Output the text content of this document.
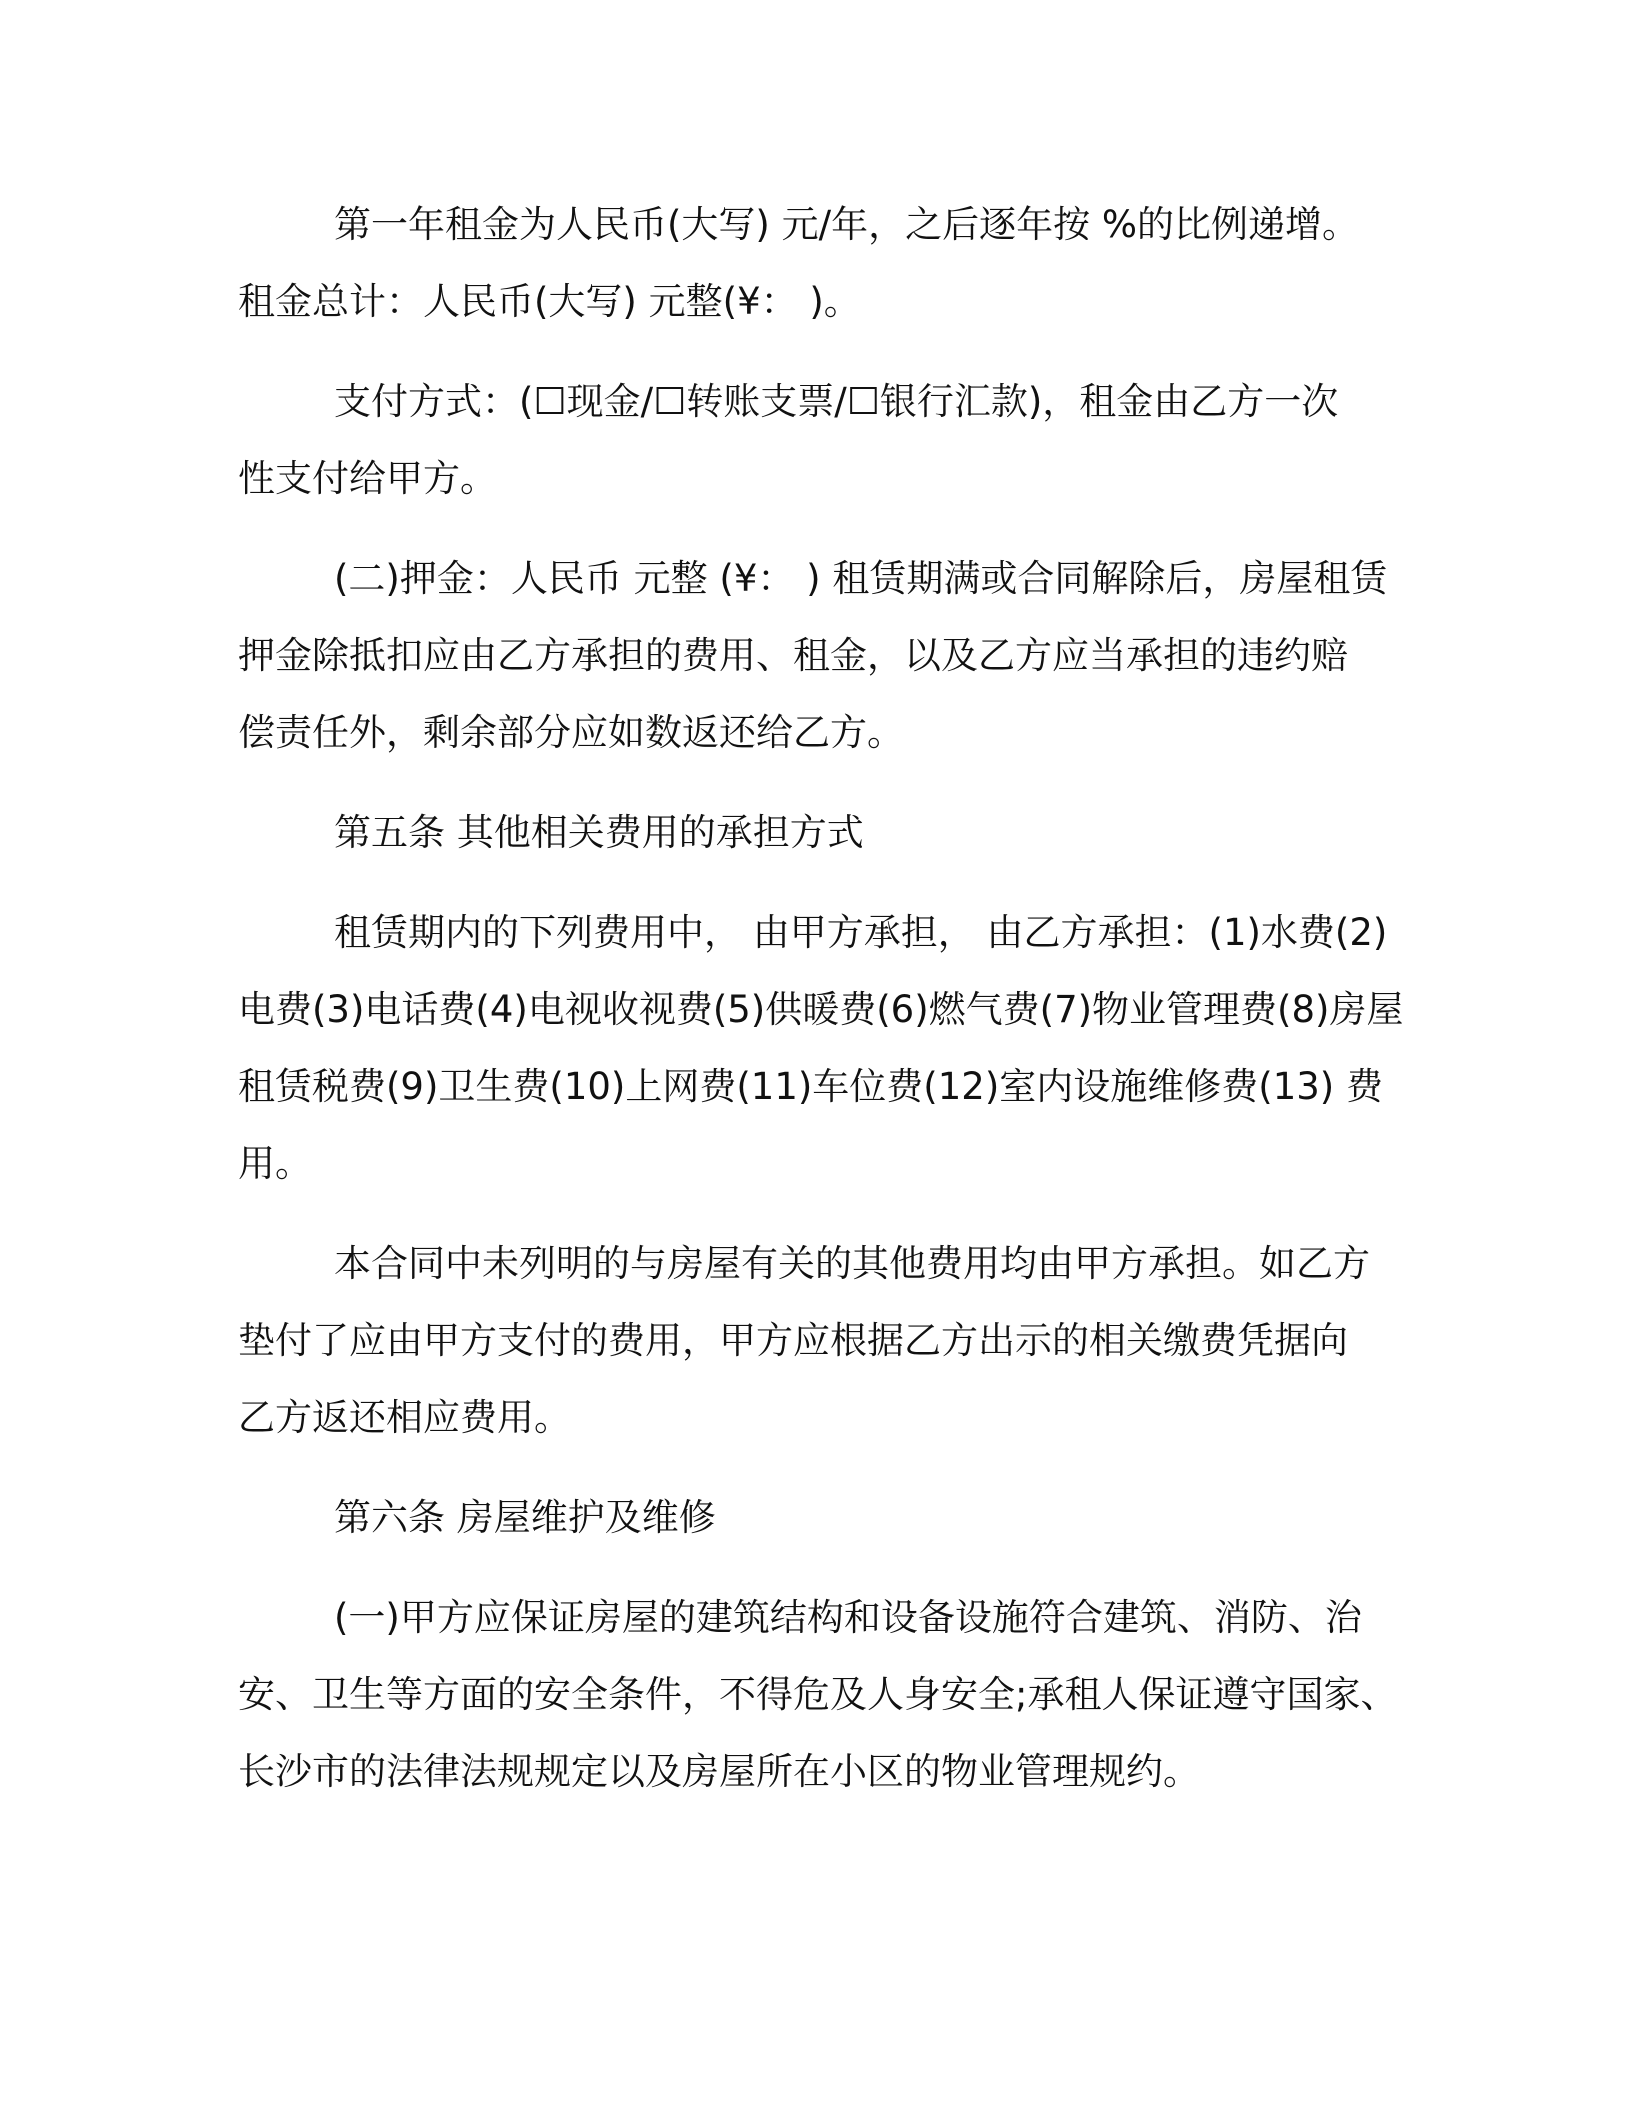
第一年租金为人民币(大写) 元/年，之后逐年按 %的比例递增。
租金总计：人民币(大写) 元整(¥： )。
支付方式：(☐现金/☐转账支票/☐银行汇款)，租金由乙方一次
性支付给甲方。
(二)押金：人民币 元整 (¥： ) 租赁期满或合同解除后，房屋租赁
押金除抵扣应由乙方承担的费用、租金，以及乙方应当承担的违约赔
偿责任外，剩余部分应如数返还给乙方。
第五条 其他相关费用的承担方式
租赁期内的下列费用中， 由甲方承担， 由乙方承担：(1)水费(2)
电费(3)电话费(4)电视收视费(5)供暖费(6)燃气费(7)物业管理费(8)房屋
租赁税费(9)卫生费(10)上网费(11)车位费(12)室内设施维修费(13) 费
用。
本合同中未列明的与房屋有关的其他费用均由甲方承担。如乙方
垫付了应由甲方支付的费用，甲方应根据乙方出示的相关缴费凭据向
乙方返还相应费用。
第六条 房屋维护及维修
(一)甲方应保证房屋的建筑结构和设备设施符合建筑、消防、治
安、卫生等方面的安全条件，不得危及人身安全;承租人保证遵守国家、
长沙市的法律法规规定以及房屋所在小区的物业管理规约。
